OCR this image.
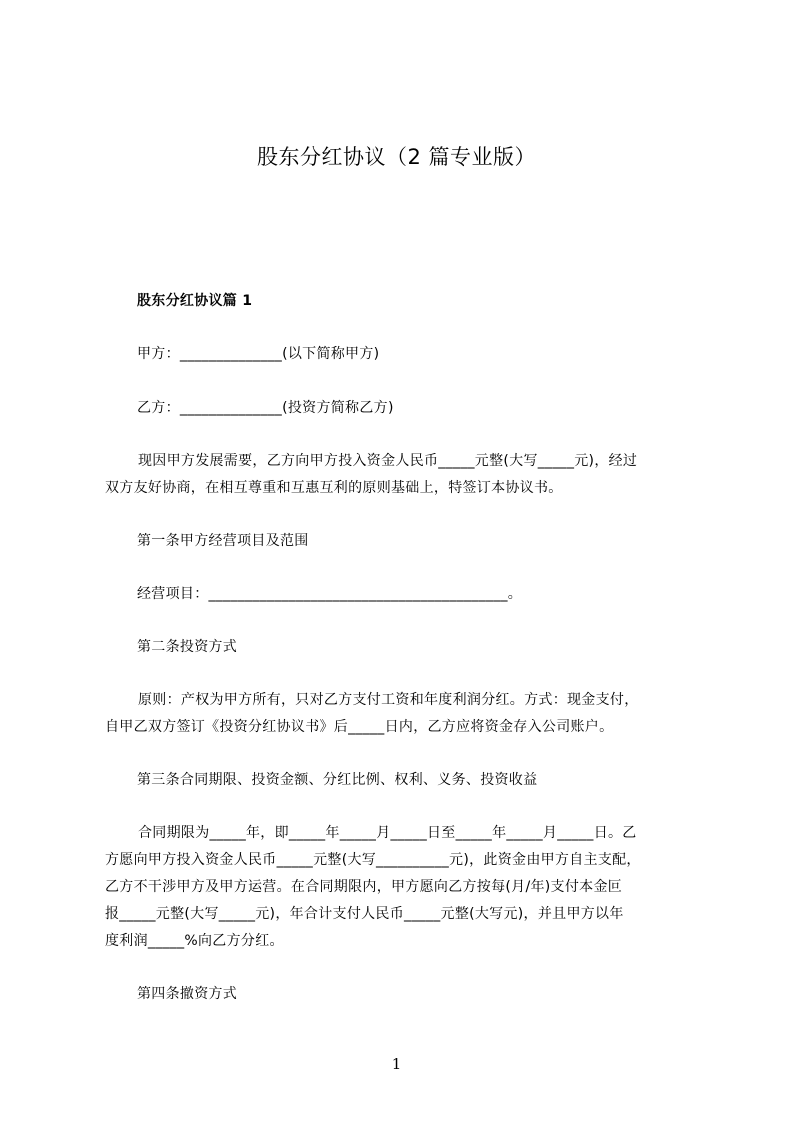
股东分红协议（2 篇专业版）
股东分红协议篇 1
甲方：______________(以下简称甲方)
乙方：______________(投资方简称乙方)
现因甲方发展需要，乙方向甲方投入资金人民币_____元整(大写_____元)，经过
双方友好协商，在相互尊重和互惠互利的原则基础上，特签订本协议书。
第一条甲方经营项目及范围
经营项目：_________________________________________。
第二条投资方式
原则：产权为甲方所有，只对乙方支付工资和年度利润分红。方式：现金支付，
自甲乙双方签订《投资分红协议书》后_____日内，乙方应将资金存入公司账户。
第三条合同期限、投资金额、分红比例、权利、义务、投资收益
合同期限为_____年，即_____年_____月_____日至_____年_____月_____日。乙
方愿向甲方投入资金人民币_____元整(大写__________元)，此资金由甲方自主支配，
乙方不干涉甲方及甲方运营。在合同期限内，甲方愿向乙方按每(月/年)支付本金叵
报_____元整(大写_____元)，年合计支付人民币_____元整(大写元)，并且甲方以年
度利润_____%向乙方分红。
第四条撤资方式
1
